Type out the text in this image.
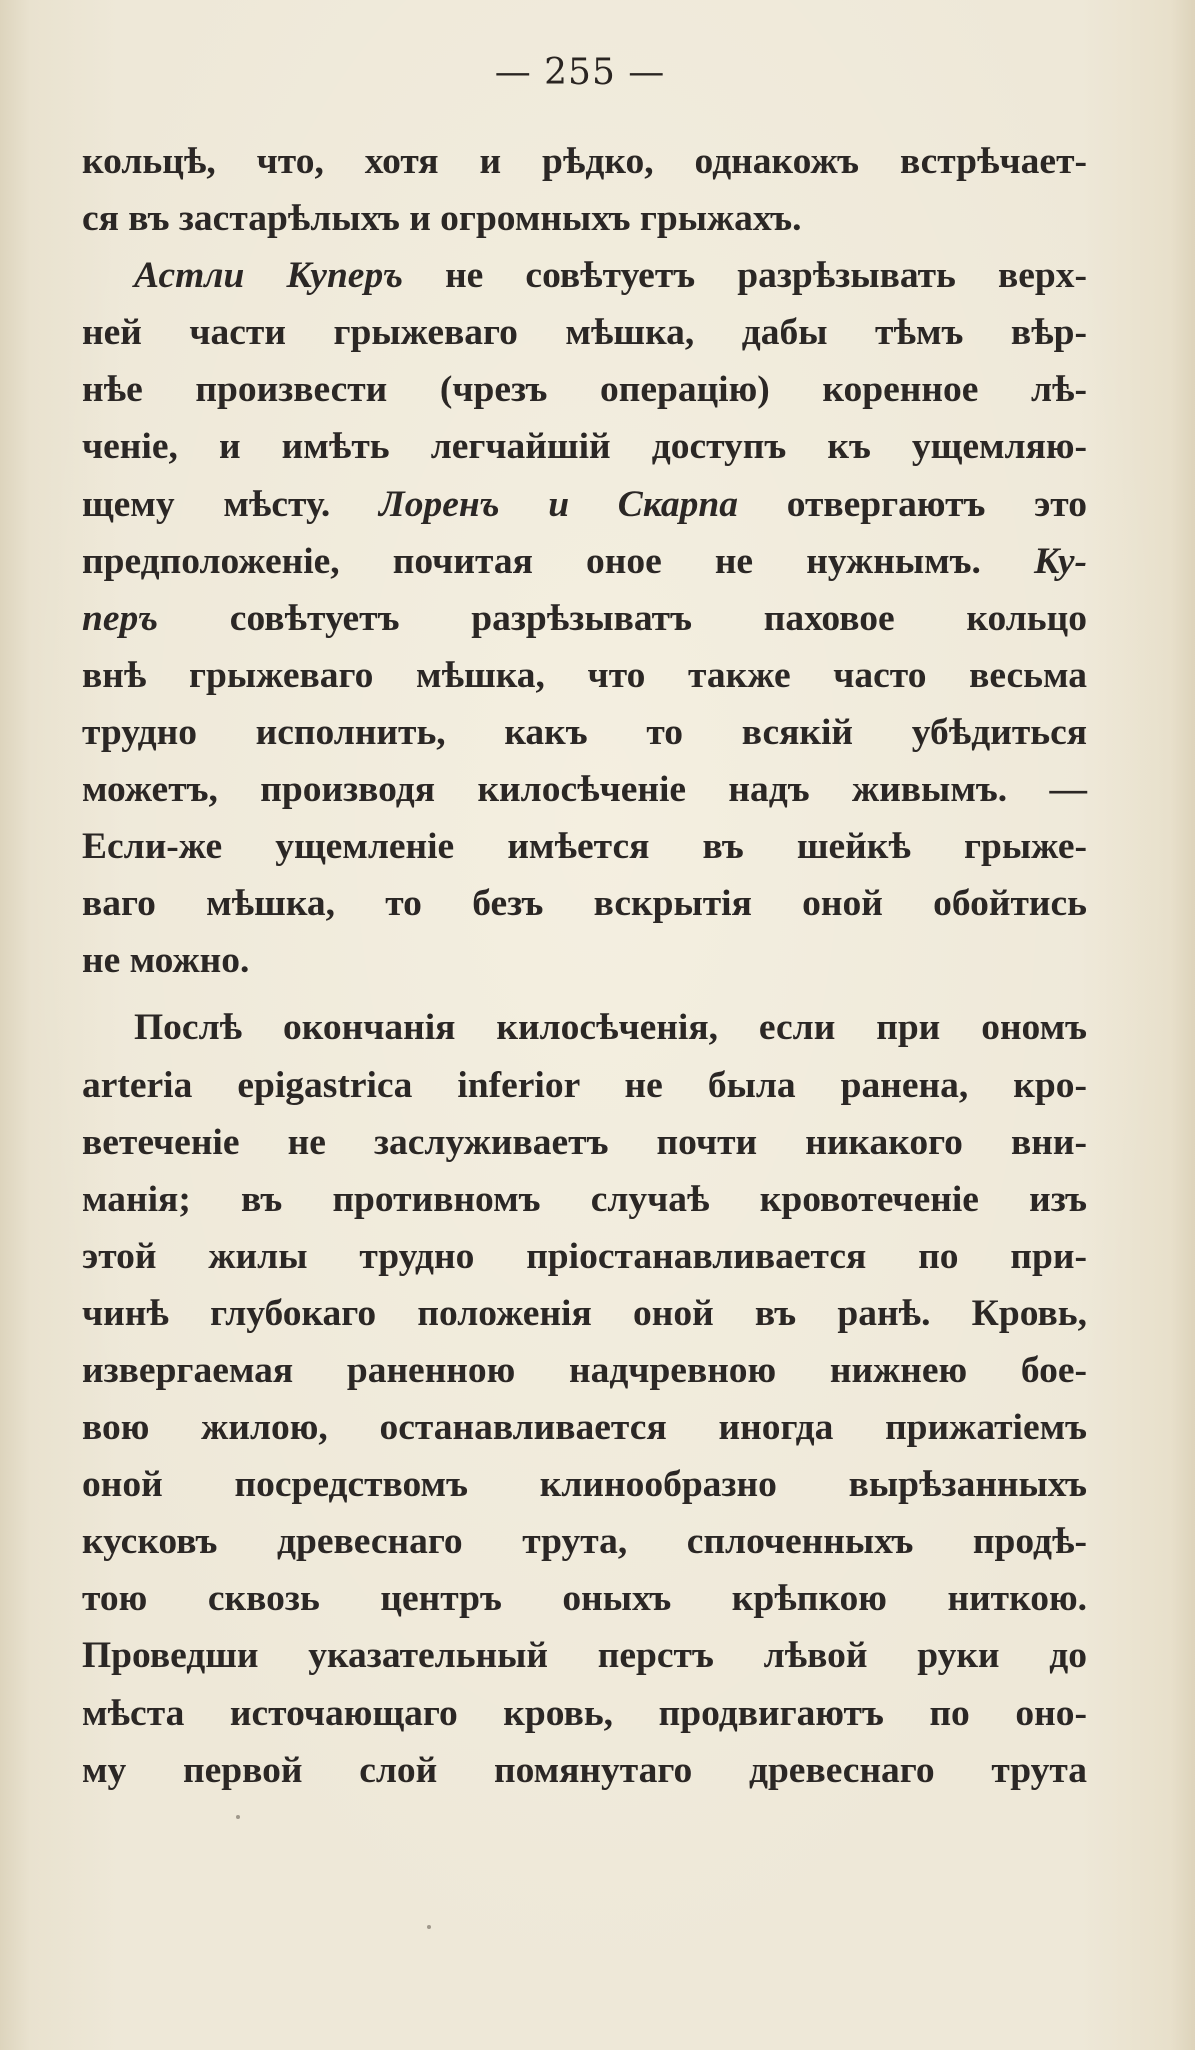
— 255 —
кольцѣ, что, хотя и рѣдко, однакожъ встрѣчает-
ся въ застарѣлыхъ и огромныхъ грыжахъ.
Астли Куперъ не совѣтуетъ разрѣзывать верх-
ней части грыжеваго мѣшка, дабы тѣмъ вѣр-
нѣе произвести (чрезъ операцію) коренное лѣ-
ченіе, и имѣть легчайшій доступъ къ ущемляю-
щему мѣсту. Лоренъ и Скарпа отвергаютъ это
предположеніе, почитая оное не нужнымъ. Ку-
перъ совѣтуетъ разрѣзыватъ паховое кольцо
внѣ грыжеваго мѣшка, что также часто весьма
трудно исполнить, какъ то всякій убѣдиться
можетъ, производя килосѣченіе надъ живымъ. —
Если-же ущемленіе имѣется въ шейкѣ грыже-
ваго мѣшка, то безъ вскрытія оной обойтись
не можно.
Послѣ окончанія килосѣченія, если при ономъ
arteria epigastrica inferior не была ранена, кро-
ветеченіе не заслуживаетъ почти никакого вни-
манія; въ противномъ случаѣ кровотеченіе изъ
этой жилы трудно пріостанавливается по при-
чинѣ глубокаго положенія оной въ ранѣ. Кровь,
извергаемая раненною надчревною нижнею бое-
вою жилою, останавливается иногда прижатіемъ
оной посредствомъ клинообразно вырѣзанныхъ
кусковъ древеснаго трута, сплоченныхъ продѣ-
тою сквозь центръ оныхъ крѣпкою ниткою.
Проведши указательный перстъ лѣвой руки до
мѣста источающаго кровь, продвигаютъ по оно-
му первой слой помянутаго древеснаго трута
